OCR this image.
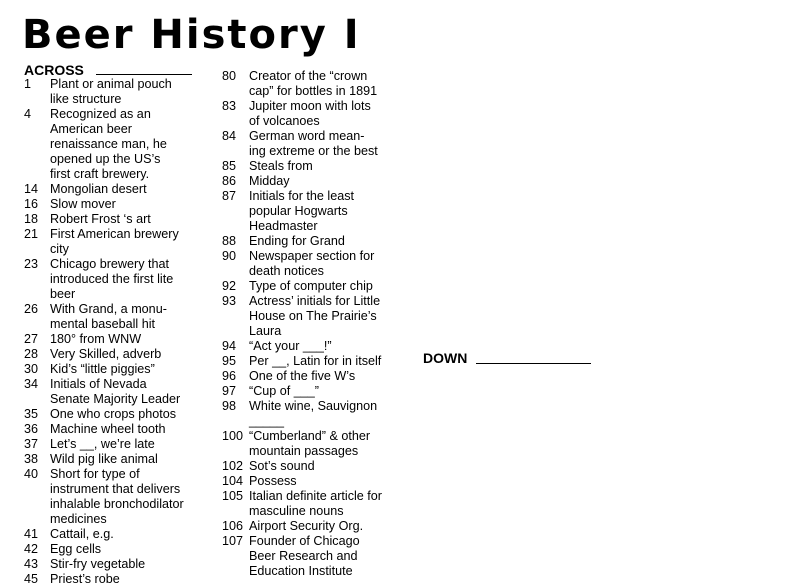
Beer History I
ACROSS
DOWN
1	Plant or animal pouch
like structure
4	Recognized as an
American beer
renaissance man, he
opened up the US’s
first craft brewery.
14 Mongolian desert
16 Slow mover
18 Robert Frost ‘s art
21 First American brewery
city
23 Chicago brewery that
introduced the first lite
beer
26 With Grand, a monu-
mental baseball hit
27 180° from WNW
28 Very Skilled, adverb
30 Kid’s “little piggies”
34 Initials of Nevada
Senate Majority Leader
35 One who crops photos
36 Machine wheel tooth
37 Let’s __, we’re late
38 Wild pig like animal
40 Short for type of
instrument that delivers
inhalable bronchodilator
medicines
41 Cattail, e.g.
42 Egg cells
43 Stir-fry vegetable
45 Priest’s robe
80	Creator of the “crown
cap” for bottles in 1891
83	Jupiter moon with lots
of volcanoes
84	German word mean-
ing extreme or the best
85	Steals from
86	Midday
87	Initials for the least
popular Hogwarts
Headmaster
88	Ending for Grand
90	Newspaper section for
death notices
92	Type of computer chip
93	Actress’ initials for Little
House on The Prairie’s
Laura
94	“Act your ___!”
95	Per __, Latin for in itself
96	One of the five W’s
97	“Cup of ___”
98	White wine, Sauvignon
_____
100 “Cumberland” & other
mountain passages
102 Sot’s sound
104 Possess
105 Italian definite article for
masculine nouns
106 Airport Security Org.
107 Founder of Chicago
Beer Research and
Education Institute
